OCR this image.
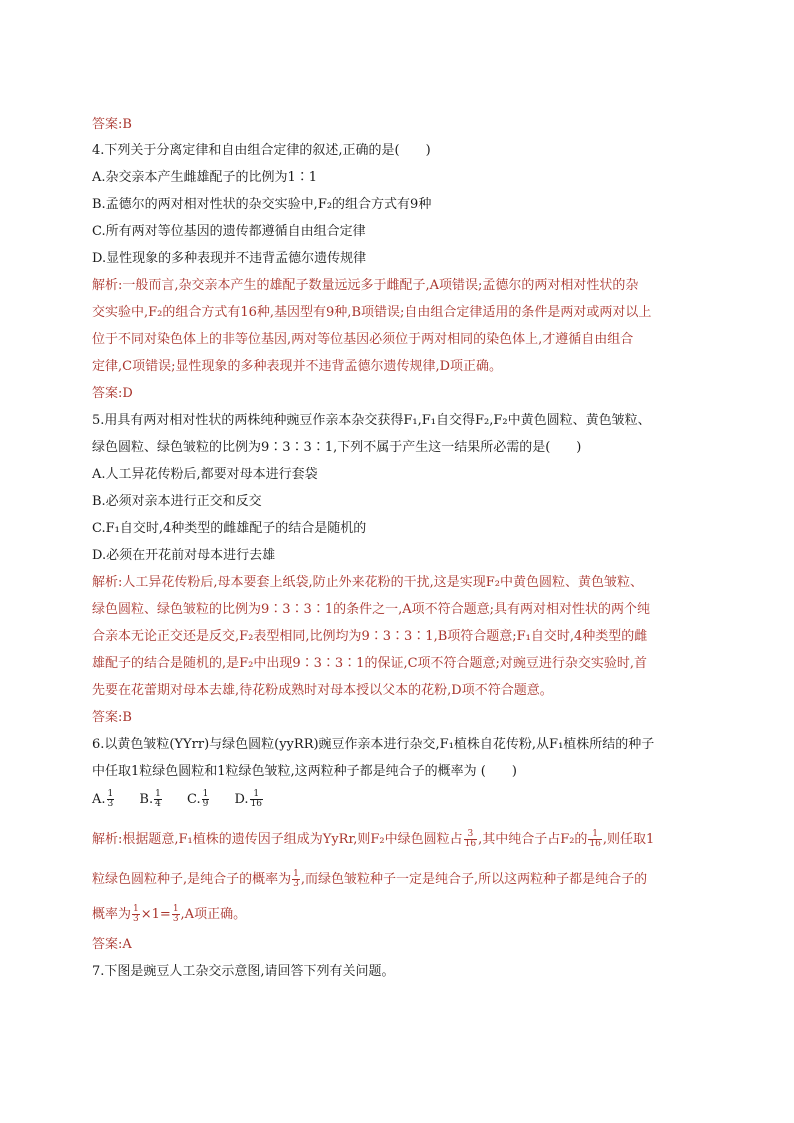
答案:B
4.下列关于分离定律和自由组合定律的叙述,正确的是(　　)
A.杂交亲本产生雌雄配子的比例为1∶1
B.孟德尔的两对相对性状的杂交实验中,F₂的组合方式有9种
C.所有两对等位基因的遗传都遵循自由组合定律
D.显性现象的多种表现并不违背孟德尔遗传规律
解析:一般而言,杂交亲本产生的雄配子数量远远多于雌配子,A项错误;孟德尔的两对相对性状的杂
交实验中,F₂的组合方式有16种,基因型有9种,B项错误;自由组合定律适用的条件是两对或两对以上
位于不同对染色体上的非等位基因,两对等位基因必须位于两对相同的染色体上,才遵循自由组合
定律,C项错误;显性现象的多种表现并不违背孟德尔遗传规律,D项正确。
答案:D
5.用具有两对相对性状的两株纯种豌豆作亲本杂交获得F₁,F₁自交得F₂,F₂中黄色圆粒、黄色皱粒、
绿色圆粒、绿色皱粒的比例为9∶3∶3∶1,下列不属于产生这一结果所必需的是(　　)
A.人工异花传粉后,都要对母本进行套袋
B.必须对亲本进行正交和反交
C.F₁自交时,4种类型的雌雄配子的结合是随机的
D.必须在开花前对母本进行去雄
解析:人工异花传粉后,母本要套上纸袋,防止外来花粉的干扰,这是实现F₂中黄色圆粒、黄色皱粒、
绿色圆粒、绿色皱粒的比例为9∶3∶3∶1的条件之一,A项不符合题意;具有两对相对性状的两个纯
合亲本无论正交还是反交,F₂表型相同,比例均为9∶3∶3∶1,B项符合题意;F₁自交时,4种类型的雌
雄配子的结合是随机的,是F₂中出现9∶3∶3∶1的保证,C项不符合题意;对豌豆进行杂交实验时,首
先要在花蕾期对母本去雄,待花粉成熟时对母本授以父本的花粉,D项不符合题意。
答案:B
6.以黄色皱粒(YYrr)与绿色圆粒(yyRR)豌豆作亲本进行杂交,F₁植株自花传粉,从F₁植株所结的种子
中任取1粒绿色圆粒和1粒绿色皱粒,这两粒种子都是纯合子的概率为 (　　)
A. $\frac{1}{3} B$. $\frac{1}{4} C$. $\frac{1}{9} D$. $\frac{1}{16}$
解析:根据题意,F₁植株的遗传因子组成为YyRr,则F₂中绿色圆粒占 $\frac{3}{16}$ ,其中纯合子占F₂的 $\frac{1}{16}$ ,则任取1
粒绿色圆粒种子,是纯合子的概率为 $\frac{1}{3}$ ,而绿色皱粒种子一定是纯合子,所以这两粒种子都是纯合子的
概率为 $\frac{1}{3} \times 1= \frac{1}{3} ,A$项正确。
答案:A
7.下图是豌豆人工杂交示意图,请回答下列有关问题。
